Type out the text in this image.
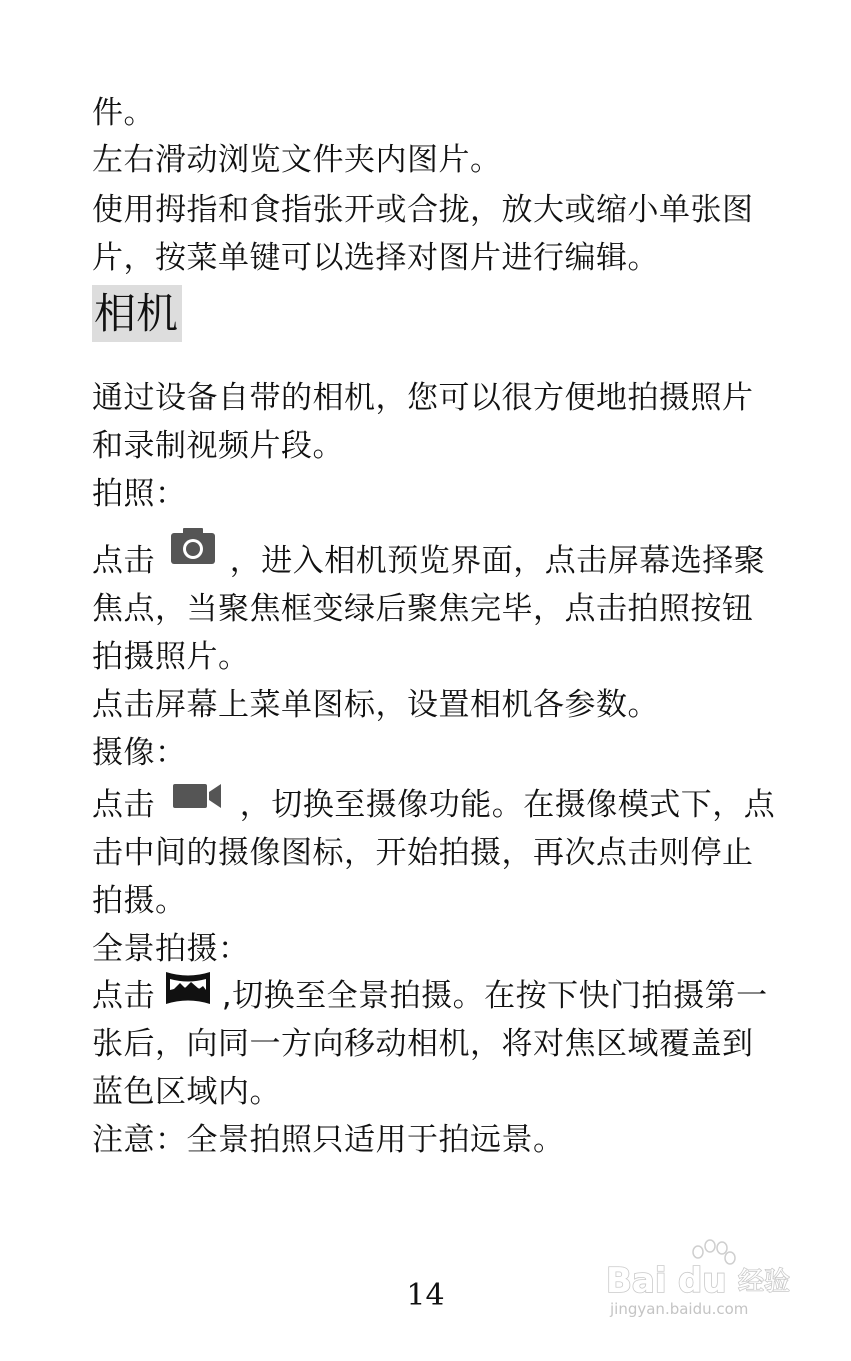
件。
左右滑动浏览文件夹内图片。
使用拇指和食指张开或合拢，放大或缩小单张图
片，按菜单键可以选择对图片进行编辑。
相机
通过设备自带的相机，您可以很方便地拍摄照片
和录制视频片段。
拍照：
点击 ，进入相机预览界面，点击屏幕选择聚
焦点，当聚焦框变绿后聚焦完毕，点击拍照按钮
拍摄照片。
点击屏幕上菜单图标，设置相机各参数。
摄像：
点击	，切换至摄像功能。在摄像模式下，点
击中间的摄像图标，开始拍摄，再次点击则停止
拍摄。
全景拍摄：
点击 ,切换至全景拍摄。在按下快门拍摄第一
张后，向同一方向移动相机，将对焦区域覆盖到
蓝色区域内。
注意：全景拍照只适用于拍远景。
14	Bai du 经验
jingyan.baidu.com
